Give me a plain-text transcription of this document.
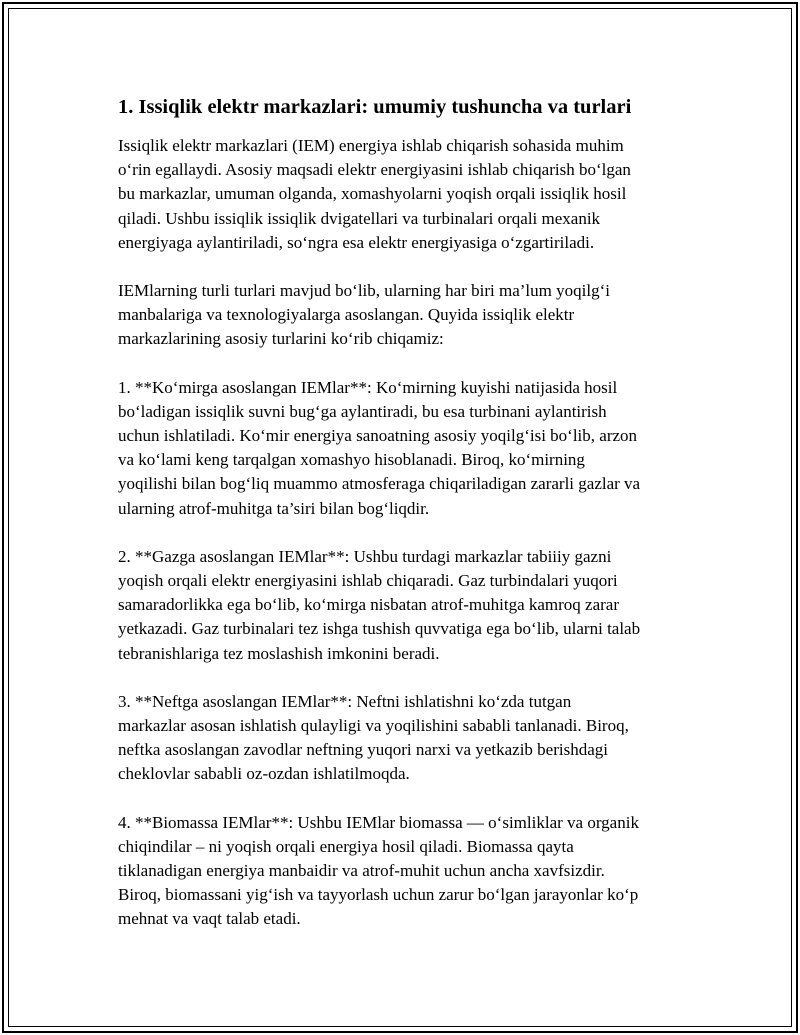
1. Issiqlik elektr markazlari: umumiy tushuncha va turlari
Issiqlik elektr markazlari (IEM) energiya ishlab chiqarish sohasida muhim
o‘rin egallaydi. Asosiy maqsadi elektr energiyasini ishlab chiqarish bo‘lgan
bu markazlar, umuman olganda, xomashyolarni yoqish orqali issiqlik hosil
qiladi. Ushbu issiqlik issiqlik dvigatellari va turbinalari orqali mexanik
energiyaga aylantiriladi, so‘ngra esa elektr energiyasiga o‘zgartiriladi.
IEMlarning turli turlari mavjud bo‘lib, ularning har biri ma’lum yoqilg‘i
manbalariga va texnologiyalarga asoslangan. Quyida issiqlik elektr
markazlarining asosiy turlarini ko‘rib chiqamiz:
1. **Ko‘mirga asoslangan IEMlar**: Ko‘mirning kuyishi natijasida hosil
bo‘ladigan issiqlik suvni bug‘ga aylantiradi, bu esa turbinani aylantirish
uchun ishlatiladi. Ko‘mir energiya sanoatning asosiy yoqilg‘isi bo‘lib, arzon
va ko‘lami keng tarqalgan xomashyo hisoblanadi. Biroq, ko‘mirning
yoqilishi bilan bog‘liq muammo atmosferaga chiqariladigan zararli gazlar va
ularning atrof-muhitga ta’siri bilan bog‘liqdir.
2. **Gazga asoslangan IEMlar**: Ushbu turdagi markazlar tabiiiy gazni
yoqish orqali elektr energiyasini ishlab chiqaradi. Gaz turbindalari yuqori
samaradorlikka ega bo‘lib, ko‘mirga nisbatan atrof-muhitga kamroq zarar
yetkazadi. Gaz turbinalari tez ishga tushish quvvatiga ega bo‘lib, ularni talab
tebranishlariga tez moslashish imkonini beradi.
3. **Neftga asoslangan IEMlar**: Neftni ishlatishni ko‘zda tutgan
markazlar asosan ishlatish qulayligi va yoqilishini sababli tanlanadi. Biroq,
neftka asoslangan zavodlar neftning yuqori narxi va yetkazib berishdagi
cheklovlar sababli oz-ozdan ishlatilmoqda.
4. **Biomassa IEMlar**: Ushbu IEMlar biomassa — o‘simliklar va organik
chiqindilar – ni yoqish orqali energiya hosil qiladi. Biomassa qayta
tiklanadigan energiya manbaidir va atrof-muhit uchun ancha xavfsizdir.
Biroq, biomassani yig‘ish va tayyorlash uchun zarur bo‘lgan jarayonlar ko‘p
mehnat va vaqt talab etadi.
